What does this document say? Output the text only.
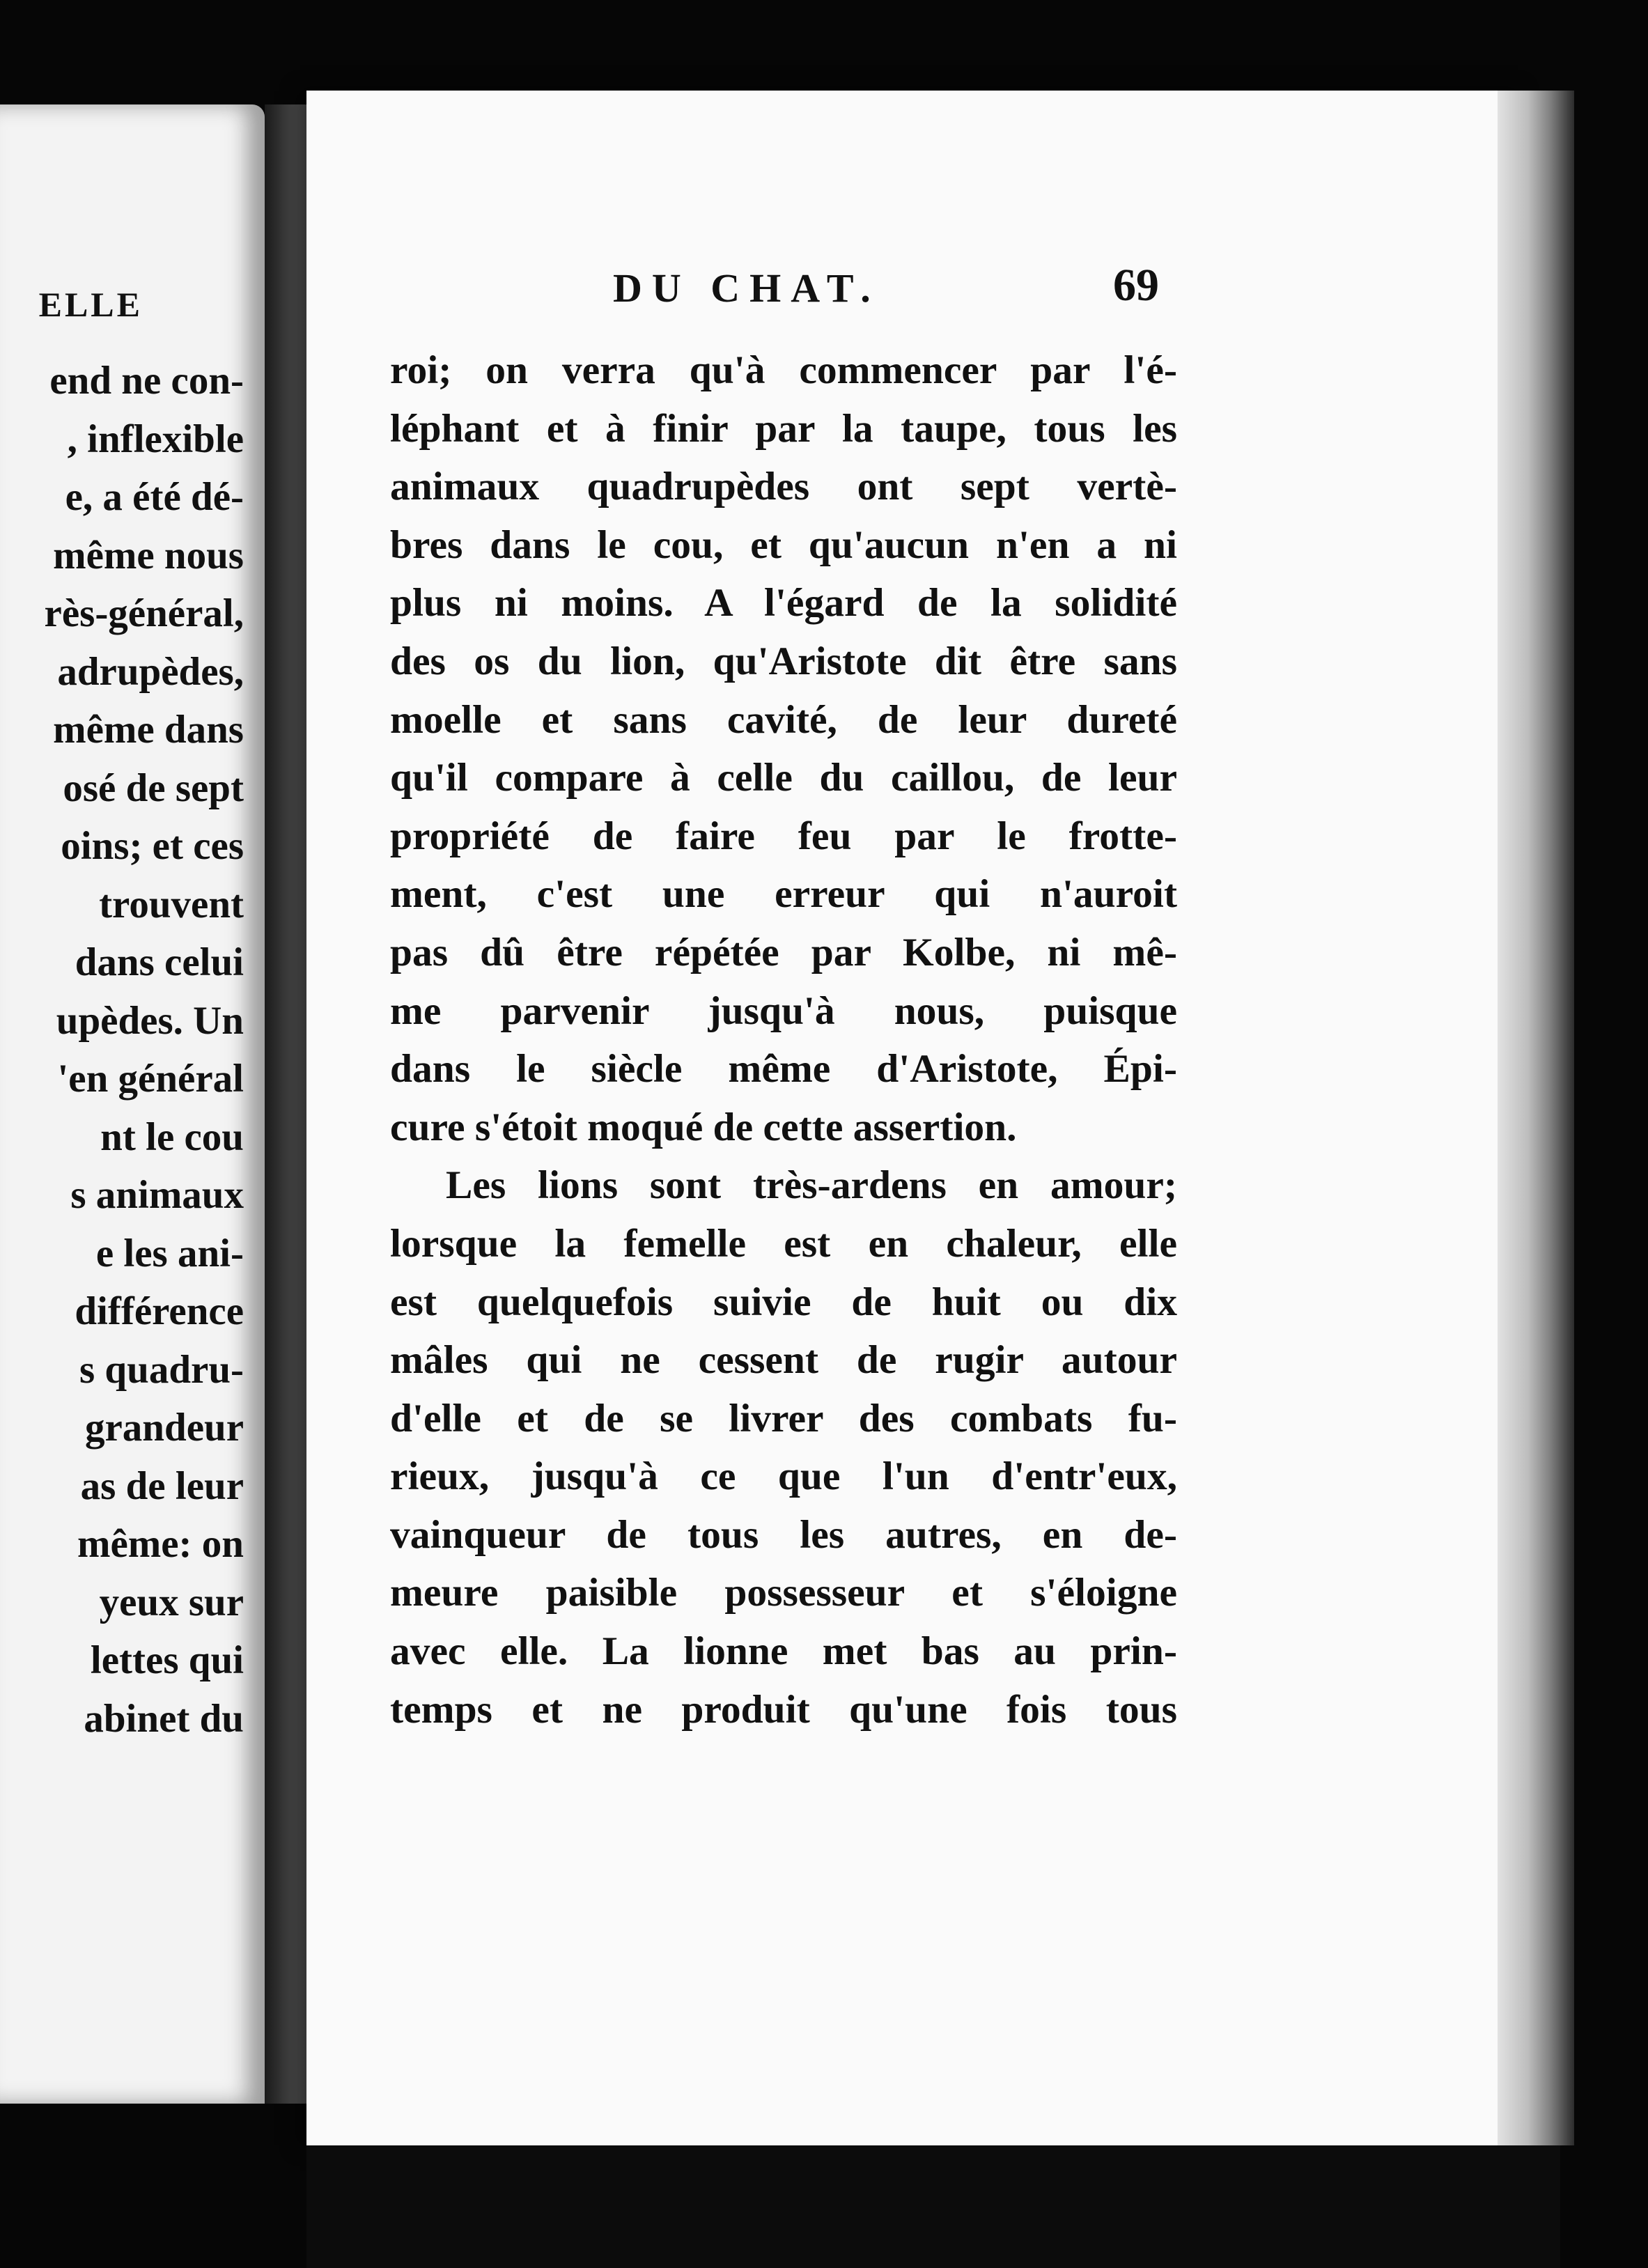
ELLE
end ne con-
, inflexible
e, a été dé-
même nous
rès-général,
adrupèdes,
même dans
osé de sept
oins; et ces
trouvent
dans celui
upèdes. Un
'en général
nt le cou
s animaux
e les ani-
différence
s quadru-
grandeur
as de leur
même: on
yeux sur
lettes qui
abinet du
DU CHAT.	69
roi; on verra qu'à commencer par l'é-
léphant et à finir par la taupe, tous les
animaux quadrupèdes ont sept vertè-
bres dans le cou, et qu'aucun n'en a ni
plus ni moins. A l'égard de la solidité
des os du lion, qu'Aristote dit être sans
moelle et sans cavité, de leur dureté
qu'il compare à celle du caillou, de leur
propriété de faire feu par le frotte-
ment, c'est une erreur qui n'auroit
pas dû être répétée par Kolbe, ni mê-
me parvenir jusqu'à nous, puisque
dans le siècle même d'Aristote, Épi-
cure s'étoit moqué de cette assertion.
Les lions sont très-ardens en amour;
lorsque la femelle est en chaleur, elle
est quelquefois suivie de huit ou dix
mâles qui ne cessent de rugir autour
d'elle et de se livrer des combats fu-
rieux, jusqu'à ce que l'un d'entr'eux,
vainqueur de tous les autres, en de-
meure paisible possesseur et s'éloigne
avec elle. La lionne met bas au prin-
temps et ne produit qu'une fois tous
